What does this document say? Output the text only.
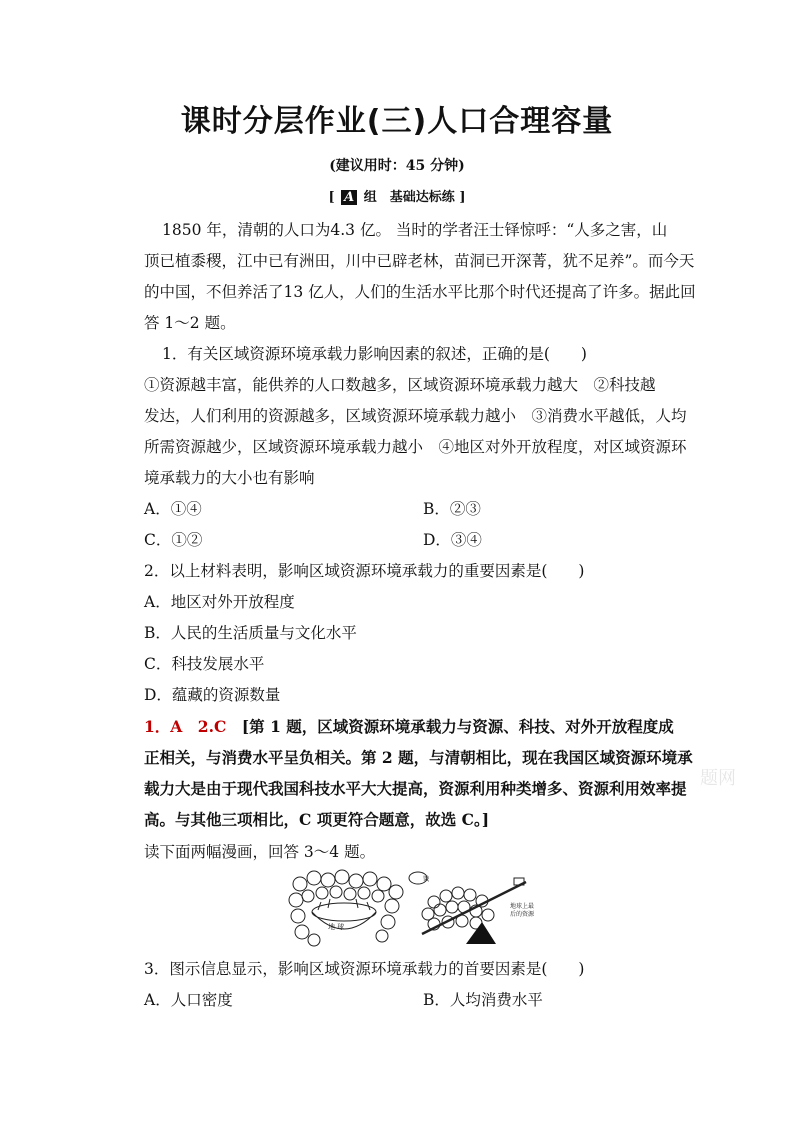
课时分层作业(三)人口合理容量
(建议用时：45 分钟)
[ A 组　基础达标练 ]
1850 年，清朝的人口为4.3 亿。 当时的学者汪士铎惊呼：“人多之害，山
顶已植黍稷，江中已有洲田，川中已辟老林，苗洞已开深菁，犹不足养”。而今天
的中国，不但养活了13 亿人，人们的生活水平比那个时代还提高了许多。据此回
答 1～2 题。
1．有关区域资源环境承载力影响因素的叙述，正确的是(　　)
①资源越丰富，能供养的人口数越多，区域资源环境承载力越大　②科技越
发达，人们利用的资源越多，区域资源环境承载力越小　③消费水平越低，人均
所需资源越少，区域资源环境承载力越小　④地区对外开放程度，对区域资源环
境承载力的大小也有影响
A．①④	B．②③
C．①②	D．③④
2．以上材料表明，影响区域资源环境承载力的重要因素是(　　)
A．地区对外开放程度
B．人民的生活质量与文化水平
C．科技发展水平
D．蕴藏的资源数量
1．A　2.C　[第 1 题，区域资源环境承载力与资源、科技、对外开放程度成
正相关，与消费水平呈负相关。第 2 题，与清朝相比，现在我国区域资源环境承
载力大是由于现代我国科技水平大大提高，资源利用种类增多、资源利用效率提
高。与其他三项相比，C 项更符合题意，故选 C。]
读下面两幅漫画，回答 3～4 题。
地 球
饿
地球上最后的资源
3．图示信息显示，影响区域资源环境承载力的首要因素是(　　)
A．人口密度	B．人均消费水平
题网
